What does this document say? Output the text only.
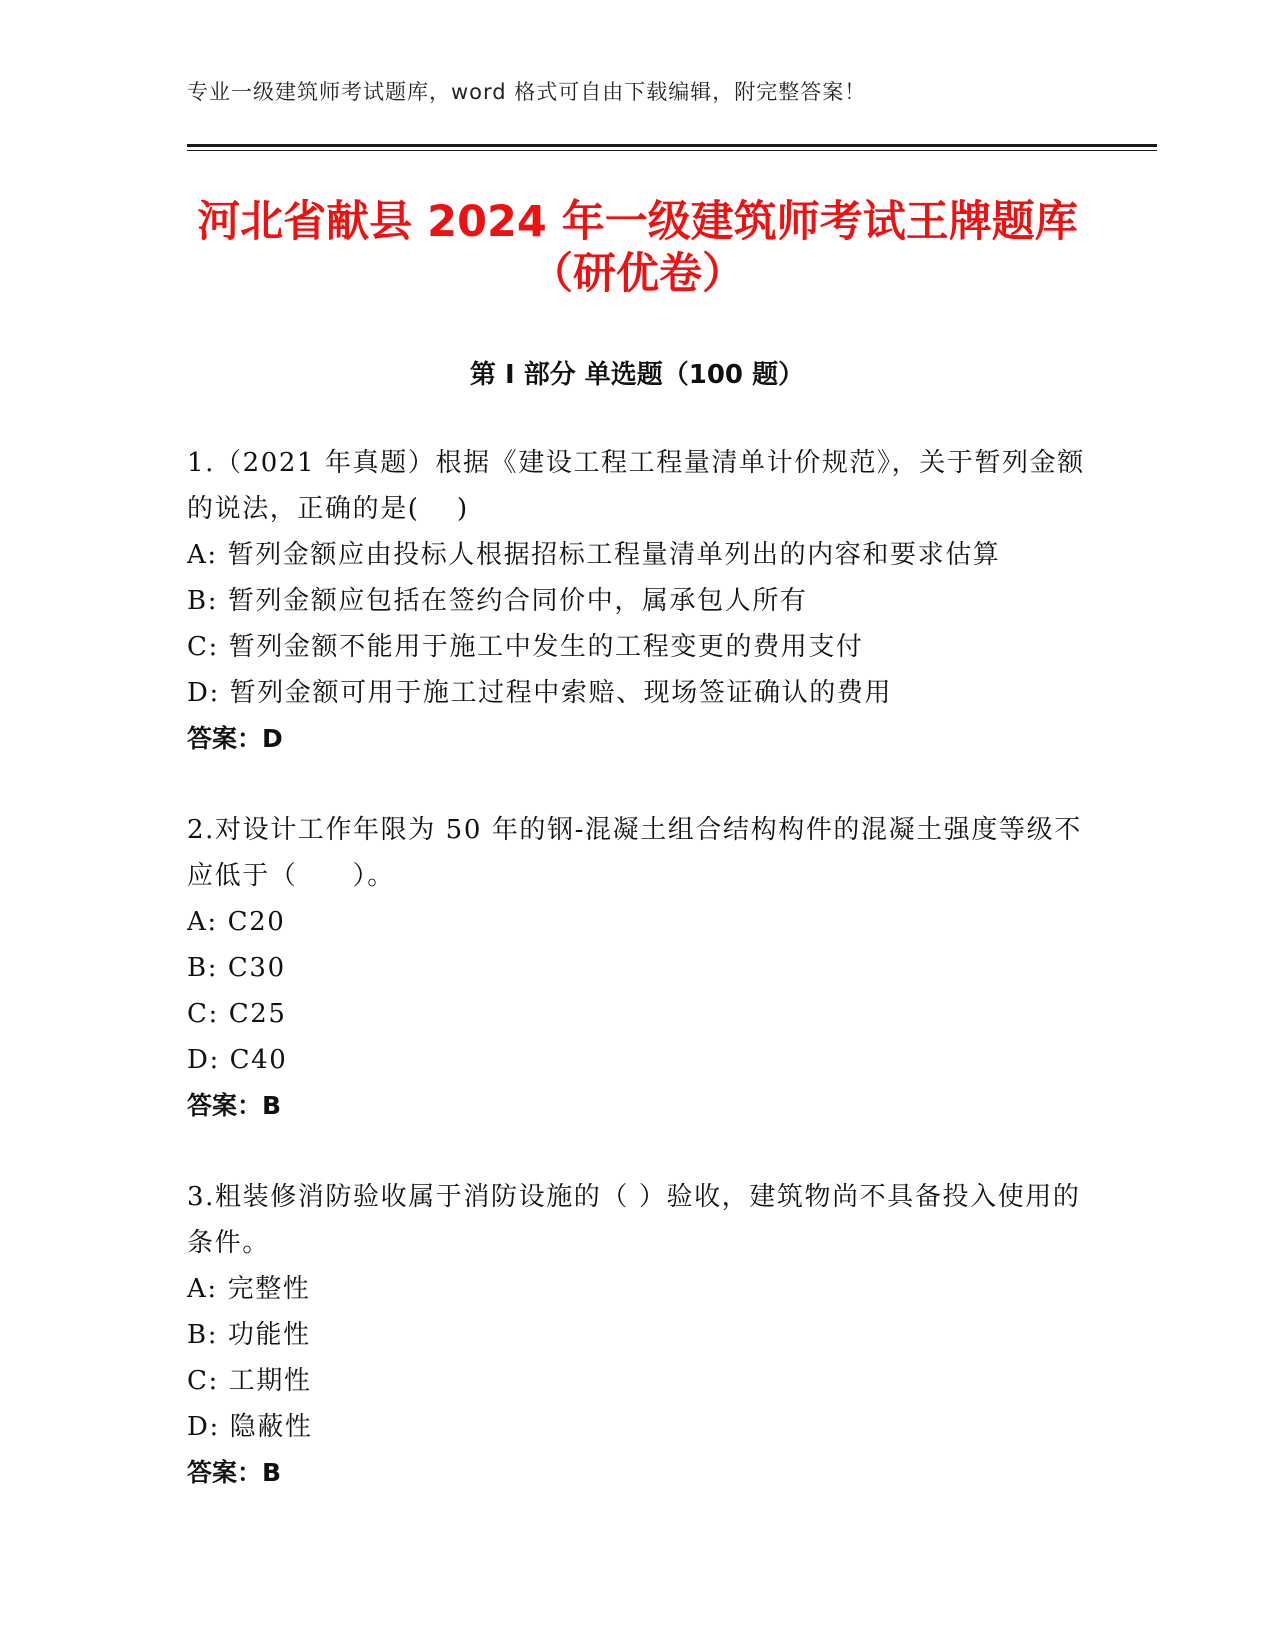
专业一级建筑师考试题库，word 格式可自由下载编辑，附完整答案！
河北省献县 2024 年一级建筑师考试王牌题库
（研优卷）
第 I 部分 单选题（100 题）
1.（2021 年真题）根据《建设工程工程量清单计价规范》，关于暂列金额的说法，正确的是(　 )
A: 暂列金额应由投标人根据招标工程量清单列出的内容和要求估算
B: 暂列金额应包括在签约合同价中，属承包人所有
C: 暂列金额不能用于施工中发生的工程变更的费用支付
D: 暂列金额可用于施工过程中索赔、现场签证确认的费用
答案：D
2.对设计工作年限为 50 年的钢-混凝土组合结构构件的混凝土强度等级不应低于（　　）。
A: C20
B: C30
C: C25
D: C40
答案：B
3.粗装修消防验收属于消防设施的（ ）验收，建筑物尚不具备投入使用的条件。
A: 完整性
B: 功能性
C: 工期性
D: 隐蔽性
答案：B
